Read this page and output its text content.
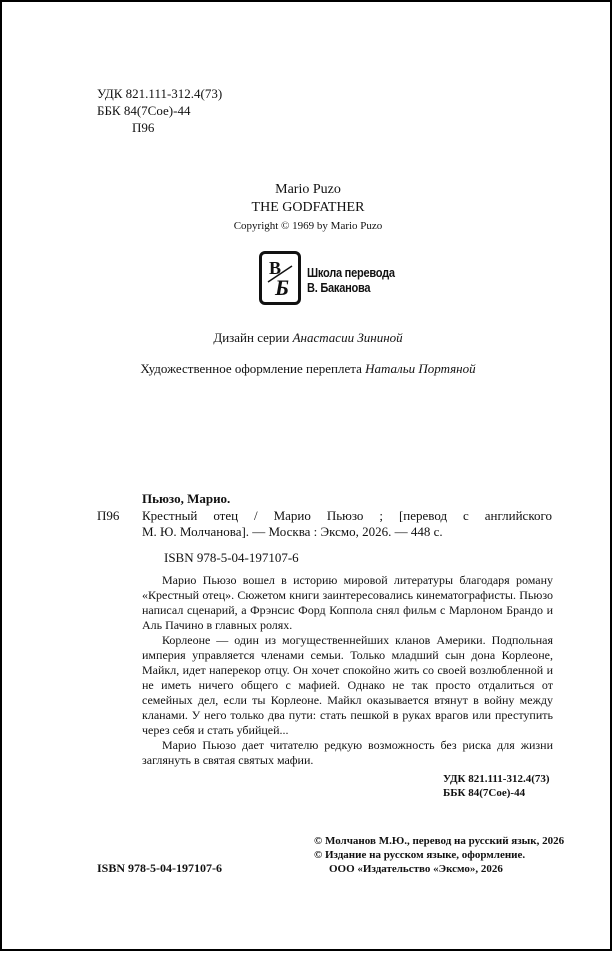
УДК 821.111-312.4(73)
ББК 84(7Сое)-44
П96
Mario Puzo
THE GODFATHER
Copyright © 1969 by Mario Puzo
В
Б
Школа перевода
В. Баканова
Дизайн серии Анастасии Зининой
Художественное оформление переплета Натальи Портяной
Пьюзо, Марио.
П96 Крестный отец / Марио Пьюзо ; [перевод с английского
М. Ю. Молчанова]. — Москва : Эксмо, 2026. — 448 с.
ISBN 978-5-04-197107-6

Марио Пьюзо вошел в историю мировой литературы благодаря роману «Крестный отец». Сюжетом книги заинтересовались кинематографисты. Пьюзо написал сценарий, а Фрэнсис Форд Коппола снял фильм с Марлоном Брандо и Аль Пачино в главных ролях.

Корлеоне — один из могущественнейших кланов Америки. Подпольная империя управляется членами семьи. Только младший сын дона Корлеоне, Майкл, идет наперекор отцу. Он хочет спокойно жить со своей возлюбленной и не иметь ничего общего с мафией. Однако не так просто отдалиться от семейных дел, если ты Корлеоне. Майкл оказывается втянут в войну между кланами. У него только два пути: стать пешкой в руках врагов или преступить через себя и стать убийцей...

Марио Пьюзо дает читателю редкую возможность без риска для жизни заглянуть в святая святых мафии.

УДК 821.111-312.4(73)
ББК 84(7Сое)-44
© Молчанов М.Ю., перевод на русский язык, 2026
© Издание на русском языке, оформление.
ООО «Издательство «Эксмо», 2026
ISBN 978-5-04-197107-6
